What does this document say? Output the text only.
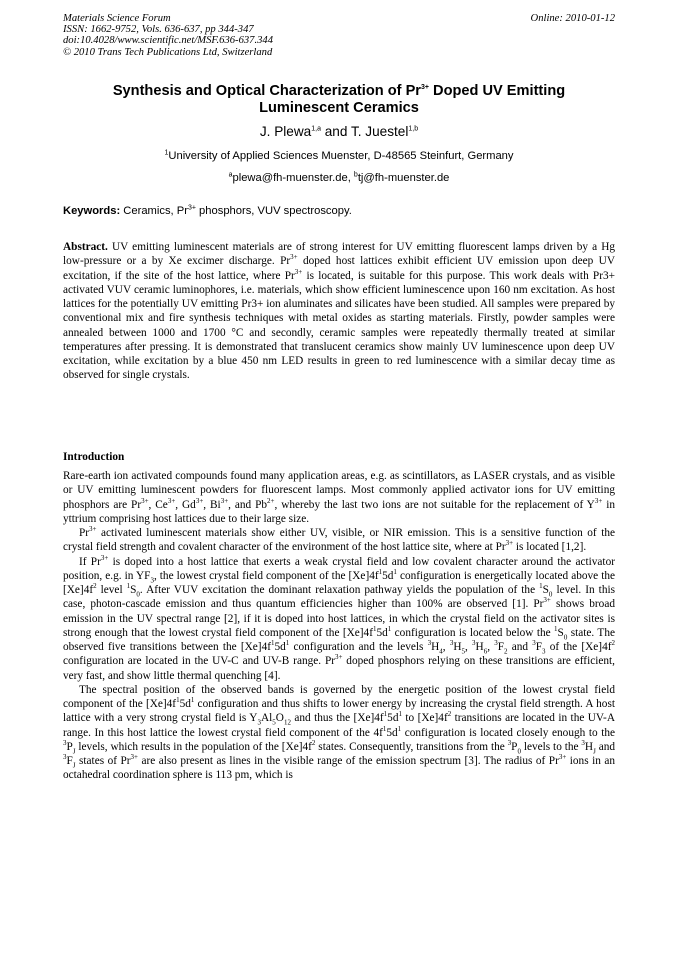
Materials Science Forum
ISSN: 1662-9752, Vols. 636-637, pp 344-347
doi:10.4028/www.scientific.net/MSF.636-637.344
© 2010 Trans Tech Publications Ltd, Switzerland
Online: 2010-01-12
Synthesis and Optical Characterization of $Pr^{3+}$ Doped UV Emitting
Luminescent Ceramics
J. Plewa$^{1,a}$ and T. Juestel$^{1,b}$
$^1$University of Applied Sciences Muenster, D-48565 Steinfurt, Germany
$^a$plewa@fh-muenster.de, $^b$tj@fh-muenster.de
Keywords: Ceramics, $Pr^{3+}$ phosphors, VUV spectroscopy.
Abstract. UV emitting luminescent materials are of strong interest for UV emitting fluorescent lamps driven by a Hg low-pressure or a by Xe excimer discharge. $Pr^{3+}$ doped host lattices exhibit efficient UV emission upon deep UV excitation, if the site of the host lattice, where $Pr^{3+}$ is located, is suitable for this purpose. This work deals with Pr3+ activated VUV ceramic luminophores, i.e. materials, which show efficient luminescence upon 160 nm excitation. As host lattices for the potentially UV emitting Pr3+ ion aluminates and silicates have been studied. All samples were prepared by conventional mix and fire synthesis techniques with metal oxides as starting materials. Firstly, powder samples were annealed between 1000 and 1700 °C and secondly, ceramic samples were repeatedly thermally treated at similar temperatures after pressing. It is demonstrated that translucent ceramics show mainly UV luminescence upon deep UV excitation, while excitation by a blue 450 nm LED results in green to red luminescence with a similar decay time as observed for single crystals.
Introduction

Rare-earth ion activated compounds found many application areas, e.g. as scintillators, as LASER crystals, and as visible or UV emitting luminescent powders for fluorescent lamps. Most commonly applied activator ions for UV emitting phosphors are $Pr^{3+}$, $Ce^{3+}$, $Gd^{3+}$, $Bi^{3+}$, and $Pb^{2+}$, whereby the last two ions are not suitable for the replacement of $Y^{3+}$ in yttrium comprising host lattices due to their large size.

$Pr^{3+}$ activated luminescent materials show either UV, visible, or NIR emission. This is a sensitive function of the crystal field strength and covalent character of the environment of the host lattice site, where at $Pr^{3+}$ is located [1,2].

If $Pr^{3+}$ is doped into a host lattice that exerts a weak crystal field and low covalent character around the activator position, e.g. in $YF_3$, the lowest crystal field component of the $[Xe]4f^15d^1$ configuration is energetically located above the $[Xe]4f^2$ level $^1S_0$. After VUV excitation the dominant relaxation pathway yields the population of the $^1S_0$ level. In this case, photon-cascade emission and thus quantum efficiencies higher than 100% are observed [1]. $Pr^{3+}$ shows broad emission in the UV spectral range [2], if it is doped into host lattices, in which the crystal field on the activator sites is strong enough that the lowest crystal field component of the $[Xe]4f^15d^1$ configuration is located below the $^1S_0$ state. The observed five transitions between the $[Xe]4f^15d^1$ configuration and the levels $^3H_4$, $^3H_5$, $^3H_6$, $^3F_2$ and $^3F_3$ of the $[Xe]4f^2$ configuration are located in the UV-C and UV-B range. $Pr^{3+}$ doped phosphors relying on these transitions are efficient, very fast, and show little thermal quenching [4].

The spectral position of the observed bands is governed by the energetic position of the lowest crystal field component of the $[Xe]4f^15d^1$ configuration and thus shifts to lower energy by increasing the crystal field strength. A host lattice with a very strong crystal field is $Y_3Al_5O_{12}$ and thus the $[Xe]4f^15d^1$ to $[Xe]4f^2$ transitions are located in the UV-A range. In this host lattice the lowest crystal field component of the $4f^15d^1$ configuration is located closely enough to the $^3P_J$ levels, which results in the population of the $[Xe]4f^2$ states. Consequently, transitions from the $^3P_0$ levels to the $^3H_J$ and $^3F_J$ states of $Pr^{3+}$ are also present as lines in the visible range of the emission spectrum [3]. The radius of $Pr^{3+}$ ions in an octahedral coordination sphere is 113 pm, which is
